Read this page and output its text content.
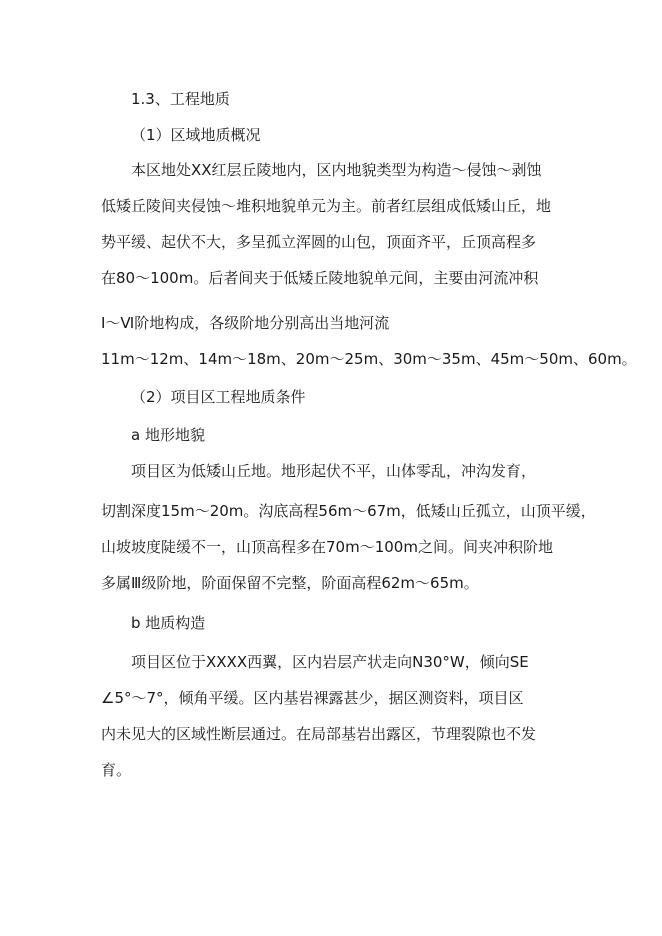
1.3、工程地质
（1）区域地质概况
本区地处XX红层丘陵地内，区内地貌类型为构造～侵蚀～剥蚀
低矮丘陵间夹侵蚀～堆积地貌单元为主。前者红层组成低矮山丘，地
势平缓、起伏不大，多呈孤立浑圆的山包，顶面齐平，丘顶高程多
在80～100m。后者间夹于低矮丘陵地貌单元间，主要由河流冲积
Ⅰ～Ⅵ阶地构成，各级阶地分别高出当地河流
11m～12m、14m～18m、20m～25m、30m～35m、45m～50m、60m。
（2）项目区工程地质条件
a 地形地貌
项目区为低矮山丘地。地形起伏不平，山体零乱，冲沟发育，
切割深度15m～20m。沟底高程56m～67m，低矮山丘孤立，山顶平缓，
山坡坡度陡缓不一，山顶高程多在70m～100m之间。间夹冲积阶地
多属Ⅲ级阶地，阶面保留不完整，阶面高程62m～65m。
b 地质构造
项目区位于XXXX西翼，区内岩层产状走向N30°W，倾向SE
∠5°～7°，倾角平缓。区内基岩裸露甚少，据区测资料，项目区
内未见大的区域性断层通过。在局部基岩出露区，节理裂隙也不发
育。
